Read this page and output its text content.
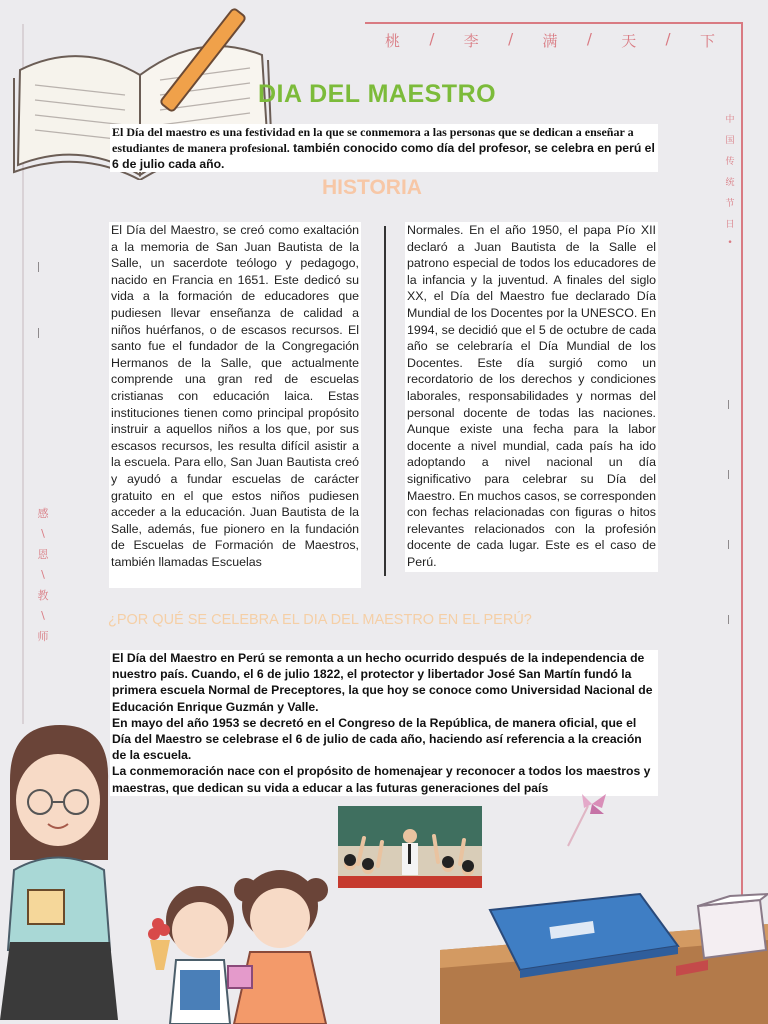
桃 / 李 / 满 / 天 / 下
中
国
传
统
节
日
•
感
\
恩
\
教
\
师
DIA DEL MAESTRO
El Día del maestro es una festividad en la que se conmemora a las personas que se dedican a enseñar a estudiantes de manera profesional. también conocido como día del profesor, se celebra en perú el 6 de julio cada año.
HISTORIA
El Día del Maestro, se creó como exaltación a la memoria de San Juan Bautista de la Salle, un sacerdote teólogo y pedagogo, nacido en Francia en 1651. Este dedicó su vida a la formación de educadores que pudiesen llevar enseñanza de calidad a niños huérfanos, o de escasos recursos. El santo fue el fundador de la Congregación Hermanos de la Salle, que actualmente comprende una gran red de escuelas cristianas con educación laica. Estas instituciones tienen como principal propósito instruir a aquellos niños a los que, por sus escasos recursos, les resulta difícil asistir a la escuela. Para ello, San Juan Bautista creó y ayudó a fundar escuelas de carácter gratuito en el que estos niños pudiesen acceder a la educación. Juan Bautista de la Salle, además, fue pionero en la fundación de Escuelas de Formación de Maestros, también llamadas Escuelas
Normales. En el año 1950, el papa Pío XII declaró a Juan Bautista de la Salle el patrono especial de todos los educadores de la infancia y la juventud. A finales del siglo XX, el Día del Maestro fue declarado Día Mundial de los Docentes por la UNESCO. En 1994, se decidió que el 5 de octubre de cada año se celebraría el Día Mundial de los Docentes. Este día surgió como un recordatorio de los derechos y condiciones laborales, responsabilidades y normas del personal docente de todas las naciones. Aunque existe una fecha para la labor docente a nivel mundial, cada país ha ido adoptando a nivel nacional un día significativo para celebrar su Día del Maestro. En muchos casos, se corresponden con fechas relacionadas con figuras o hitos relevantes relacionados con la profesión docente de cada lugar. Este es el caso de Perú.
¿POR QUÉ SE CELEBRA EL DIA DEL MAESTRO EN EL PERÚ?

El Día del Maestro en Perú se remonta a un hecho ocurrido después de la independencia de nuestro país. Cuando, el 6 de julio 1822, el protector y libertador José San Martín fundó la primera escuela Normal de Preceptores, la que hoy se conoce como Universidad Nacional de Educación Enrique Guzmán y Valle.

En mayo del año 1953 se decretó en el Congreso de la República, de manera oficial, que el Día del Maestro se celebrase el 6 de julio de cada año, haciendo así referencia a la creación de la escuela.

La conmemoración nace con el propósito de homenajear y reconocer a todos los maestros y maestras, que dedican su vida a educar a las futuras generaciones del país
